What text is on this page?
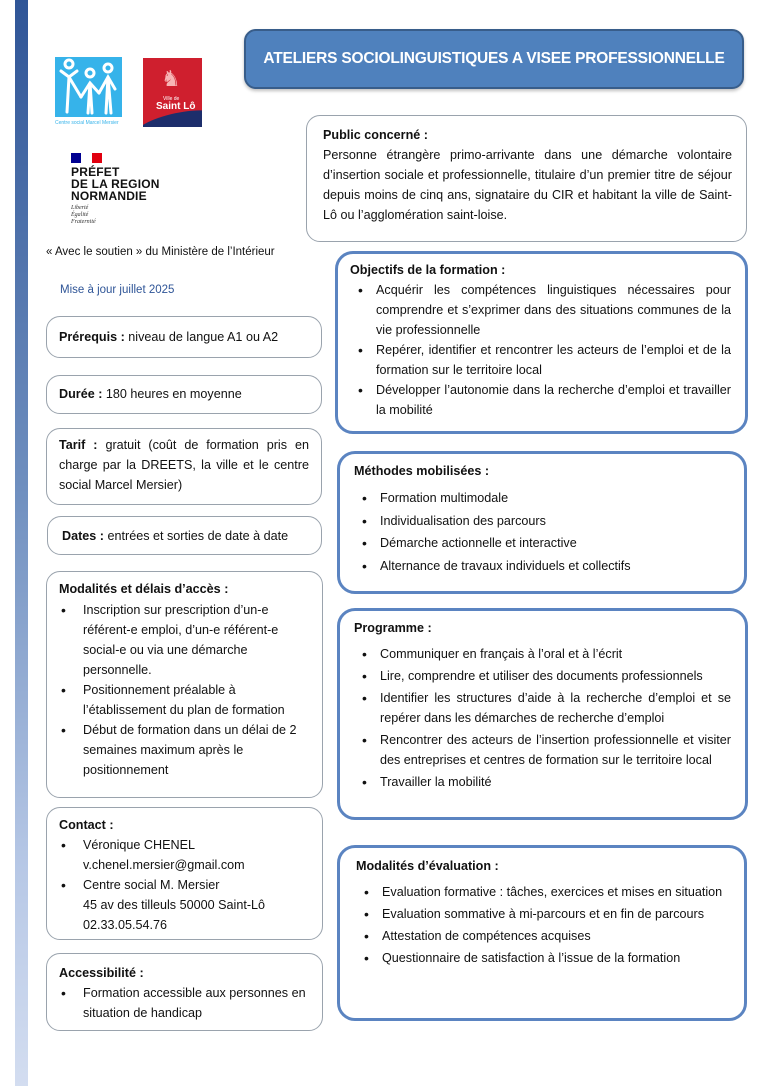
Centre social Marcel Mersier
♞
Ville de
Saint Lô
PRÉFET
DE LA REGION
NORMANDIE
Liberté
Égalité
Fraternité
« Avec le soutien » du Ministère de l’Intérieur
Mise à jour juillet 2025
ATELIERS SOCIOLINGUISTIQUES A VISEE PROFESSIONNELLE
Public concerné :
Personne étrangère primo-arrivante dans une démarche volontaire d’insertion sociale et professionnelle, titulaire d’un premier titre de séjour depuis moins de cinq ans, signataire du CIR et habitant la ville de Saint-Lô ou l’agglomération saint-loise.
Objectifs de la formation :
• Acquérir les compétences linguistiques nécessaires pour comprendre et s’exprimer dans des situations communes de la vie professionnelle
• Repérer, identifier et rencontrer les acteurs de l’emploi et de la formation sur le territoire local
• Développer l’autonomie dans la recherche d’emploi et travailler la mobilité
Méthodes mobilisées :
• Formation multimodale
• Individualisation des parcours
• Démarche actionnelle et interactive
• Alternance de travaux individuels et collectifs
Programme :
• Communiquer en français à l’oral et à l’écrit
• Lire, comprendre et utiliser des documents professionnels
• Identifier les structures d’aide à la recherche d’emploi et se repérer dans les démarches de recherche d’emploi
• Rencontrer des acteurs de l’insertion professionnelle et visiter des entreprises et centres de formation sur le territoire local
• Travailler la mobilité
Modalités d’évaluation :
• Evaluation formative : tâches, exercices et mises en situation
• Evaluation sommative à mi-parcours et en fin de parcours
• Attestation de compétences acquises
• Questionnaire de satisfaction à l’issue de la formation
Prérequis : niveau de langue A1 ou A2
Durée : 180 heures en moyenne
Tarif : gratuit (coût de formation pris en charge par la DREETS, la ville et le centre social Marcel Mersier)
Dates : entrées et sorties de date à date
Modalités et délais d’accès :
• Inscription sur prescription d’un-e référent-e emploi, d’un-e référent-e social-e ou via une démarche personnelle.
• Positionnement préalable à l’établissement du plan de formation
• Début de formation dans un délai de 2 semaines maximum après le positionnement
Contact :
• Véronique CHENEL
v.chenel.mersier@gmail.com
• Centre social M. Mersier
45 av des tilleuls 50000 Saint-Lô
02.33.05.54.76
Accessibilité :
• Formation accessible aux personnes en situation de handicap
